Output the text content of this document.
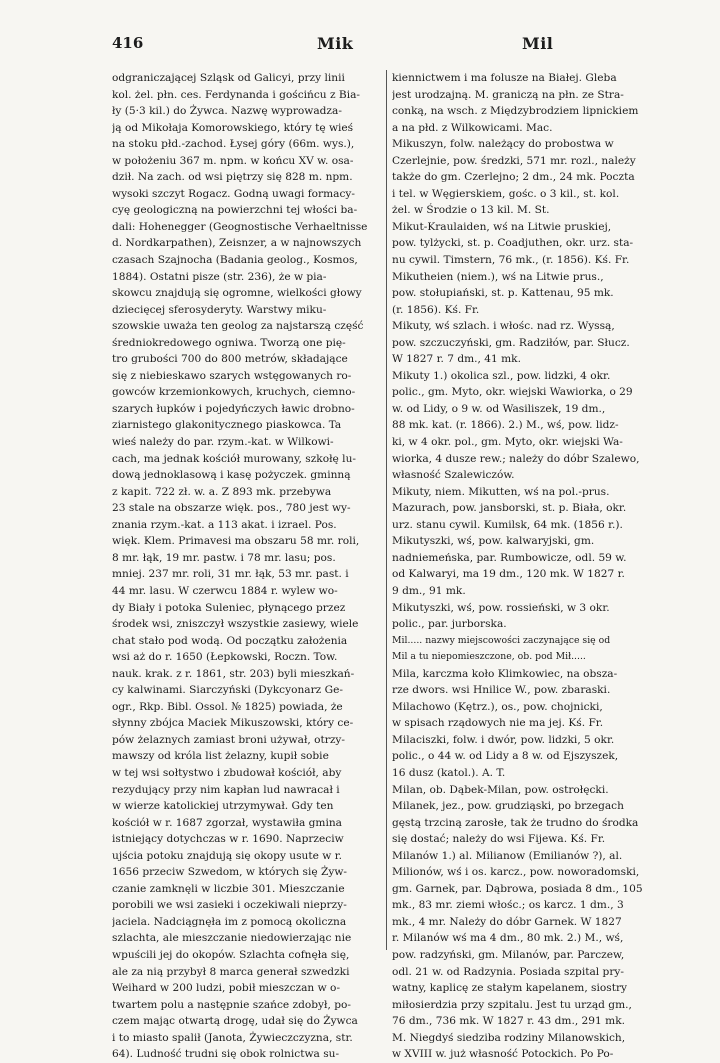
416	Mik	Mil
odgraniczającej Szląsk od Galicyi, przy linii
kol. żel. płn. ces. Ferdynanda i gościńcu z Bia-
ły (5·3 kil.) do Żywca. Nazwę wyprowadza-
ją od Mikołaja Komorowskiego, który tę wieś
na stoku płd.-zachod. Łysej góry (66m. wys.),
w położeniu 367 m. npm. w końcu XV w. osa-
dził. Na zach. od wsi piętrzy się 828 m. npm.
wysoki szczyt Rogacz. Godną uwagi formacy-
cyę geologiczną na powierzchni tej włości ba-
dali: Hohenegger (Geognostische Verhaeltnisse
d. Nordkarpathen), Zeisnzer, a w najnowszych
czasach Szajnocha (Badania geolog., Kosmos,
1884). Ostatni pisze (str. 236), że w pia-
skowcu znajdują się ogromne, wielkości głowy
dziecięcej sferosyderyty. Warstwy miku-
szowskie uważa ten geolog za najstarszą część
średniokredowego ogniwa. Tworzą one pię-
tro grubości 700 do 800 metrów, składające
się z niebieskawo szarych wstęgowanych ro-
gowców krzemionkowych, kruchych, ciemno-
szarych łupków i pojedyńczych ławic drobno-
ziarnistego glakonitycznego piaskowca. Ta
wieś należy do par. rzym.-kat. w Wilkowi-
cach, ma jednak kościół murowany, szkołę lu-
dową jednoklasową i kasę pożyczek. gminną
z kapit. 722 zł. w. a. Z 893 mk. przebywa
23 stale na obszarze więk. pos., 780 jest wy-
znania rzym.-kat. a 113 akat. i izrael. Pos.
więk. Klem. Primavesi ma obszaru 58 mr. roli,
8 mr. łąk, 19 mr. pastw. i 78 mr. lasu; pos.
mniej. 237 mr. roli, 31 mr. łąk, 53 mr. past. i
44 mr. lasu. W czerwcu 1884 r. wylew wo-
dy Biały i potoka Suleniec, płynącego przez
środek wsi, zniszczył wszystkie zasiewy, wiele
chat stało pod wodą. Od początku założenia
wsi aż do r. 1650 (Łepkowski, Roczn. Tow.
nauk. krak. z r. 1861, str. 203) byli mieszkań-
cy kalwinami. Siarczyński (Dykcyonarz Ge-
ogr., Rkp. Bibl. Ossol. № 1825) powiada, że
słynny zbójca Maciek Mikuszowski, który ce-
pów żelaznych zamiast broni używał, otrzy-
mawszy od króla list żelazny, kupił sobie
w tej wsi sołtystwo i zbudował kościół, aby
rezydujący przy nim kapłan lud nawracał i
w wierze katolickiej utrzymywał. Gdy ten
kościół w r. 1687 zgorzał, wystawiła gmina
istniejący dotychczas w r. 1690. Naprzeciw
ujścia potoku znajdują się okopy usute w r.
1656 przeciw Szwedom, w których się Żyw-
czanie zamknęli w liczbie 301. Mieszczanie
porobili we wsi zasieki i oczekiwali nieprzy-
jaciela. Nadciągnęła im z pomocą okoliczna
szlachta, ale mieszczanie niedowierzając nie
wpuścili jej do okopów. Szlachta cofnęła się,
ale za nią przybył 8 marca generał szwedzki
Weihard w 200 ludzi, pobił mieszczan w o-
twartem polu a następnie szańce zdobył, po-
czem mając otwartą drogę, udał się do Żywca
i to miasto spalił (Janota, Żywieczczyzna, str.
64). Ludność trudni się obok rolnictwa su-
kiennictwem i ma folusze na Białej. Gleba
jest urodzajną. M. graniczą na płn. ze Stra-
conką, na wsch. z Międzybrodziem lipnickiem
a na płd. z Wilkowicami. Mac.
Mikuszyn, folw. należący do probostwa w
Czerlejnie, pow. średzki, 571 mr. rozl., należy
także do gm. Czerlejno; 2 dm., 24 mk. Poczta
i tel. w Węgierskiem, gośc. o 3 kil., st. kol.
żel. w Środzie o 13 kil. M. St.
Mikut-Kraulaiden, wś na Litwie pruskiej,
pow. tylżycki, st. p. Coadjuthen, okr. urz. sta-
nu cywil. Timstern, 76 mk., (r. 1856). Kś. Fr.
Mikutheien (niem.), wś na Litwie prus.,
pow. stołupiański, st. p. Kattenau, 95 mk.
(r. 1856). Kś. Fr.
Mikuty, wś szlach. i włośc. nad rz. Wyssą,
pow. szczuczyński, gm. Radziłów, par. Słucz.
W 1827 r. 7 dm., 41 mk.
Mikuty 1.) okolica szl., pow. lidzki, 4 okr.
polic., gm. Myto, okr. wiejski Wawiorka, o 29
w. od Lidy, o 9 w. od Wasiliszek, 19 dm.,
88 mk. kat. (r. 1866). 2.) M., wś, pow. lidz-
ki, w 4 okr. pol., gm. Myto, okr. wiejski Wa-
wiorka, 4 dusze rew.; należy do dóbr Szalewo,
własność Szalewiczów.
Mikuty, niem. Mikutten, wś na pol.-prus.
Mazurach, pow. jansborski, st. p. Biała, okr.
urz. stanu cywil. Kumilsk, 64 mk. (1856 r.).
Mikutyszki, wś, pow. kalwaryjski, gm.
nadniemeńska, par. Rumbowicze, odl. 59 w.
od Kalwaryi, ma 19 dm., 120 mk. W 1827 r.
9 dm., 91 mk.
Mikutyszki, wś, pow. rossieński, w 3 okr.
polic., par. jurborska.
Mil..... nazwy miejscowości zaczynające się od
Mil a tu niepomieszczone, ob. pod Mił.....
Mila, karczma koło Klimkowiec, na obsza-
rze dwors. wsi Hnilice W., pow. zbaraski.
Milachowo (Kętrz.), os., pow. chojnicki,
w spisach rządowych nie ma jej. Kś. Fr.
Milaciszki, folw. i dwór, pow. lidzki, 5 okr.
polic., o 44 w. od Lidy a 8 w. od Ejszyszek,
16 dusz (katol.). A. T.
Milan, ob. Dąbek-Milan, pow. ostrołęcki.
Milanek, jez., pow. grudziąski, po brzegach
gęstą trzciną zarosłe, tak że trudno do środka
się dostać; należy do wsi Fijewa. Kś. Fr.
Milanów 1.) al. Milianow (Emilianów ?), al.
Milionów, wś i os. karcz., pow. noworadomski,
gm. Garnek, par. Dąbrowa, posiada 8 dm., 105
mk., 83 mr. ziemi włośc.; os karcz. 1 dm., 3
mk., 4 mr. Należy do dóbr Garnek. W 1827
r. Milanów wś ma 4 dm., 80 mk. 2.) M., wś,
pow. radzyński, gm. Milanów, par. Parczew,
odl. 21 w. od Radzynia. Posiada szpital pry-
watny, kaplicę ze stałym kapelanem, siostry
miłosierdzia przy szpitalu. Jest tu urząd gm.,
76 dm., 736 mk. W 1827 r. 43 dm., 291 mk.
M. Niegdyś siedziba rodziny Milanowskich,
w XVIII w. już własność Potockich. Po Po-
